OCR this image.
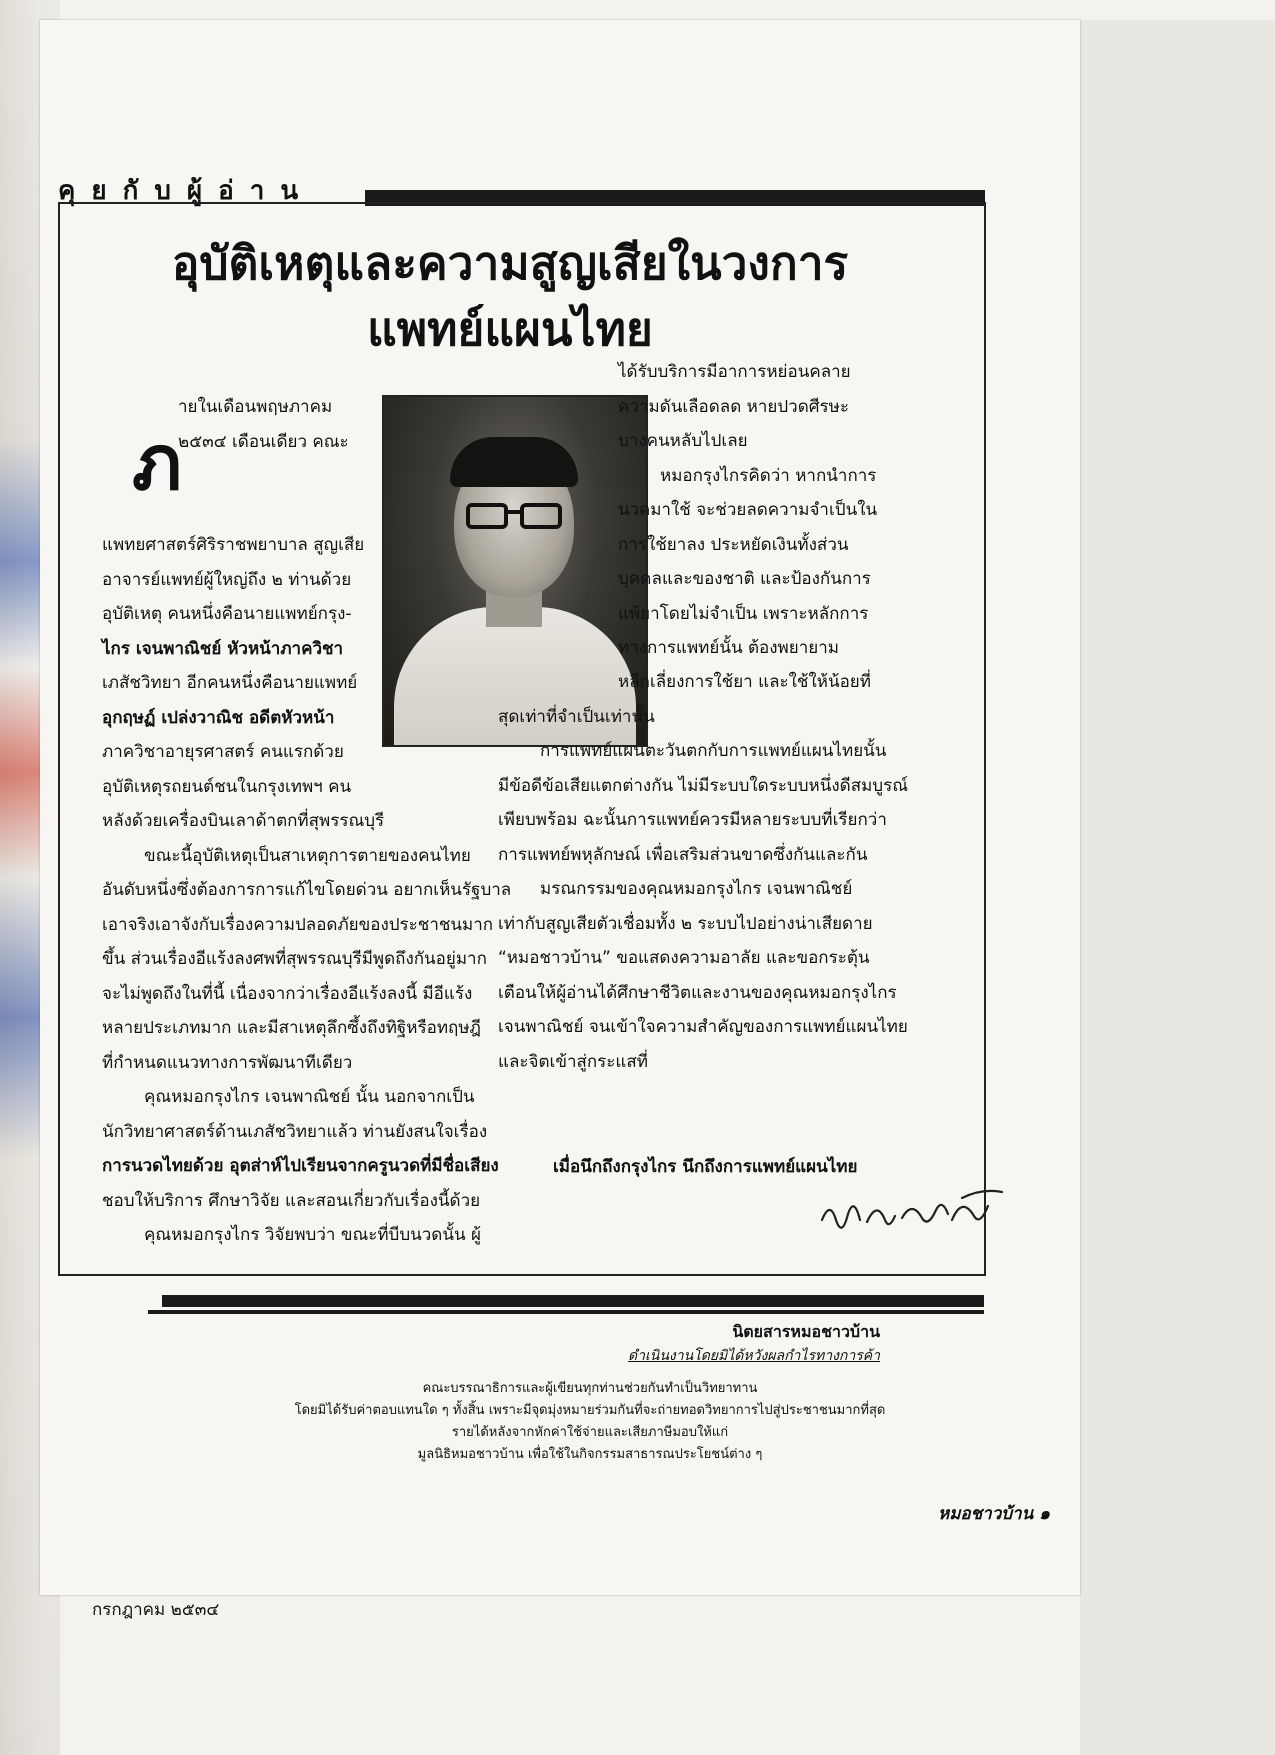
คุยกับผู้อ่าน
อุบัติเหตุและความสูญเสียในวงการ
แพทย์แผนไทย
ภ

ายในเดือนพฤษภาคม

๒๕๓๔ เดือนเดียว คณะ

แพทยศาสตร์ศิริราชพยาบาล สูญเสีย

อาจารย์แพทย์ผู้ใหญ่ถึง ๒ ท่านด้วย

อุบัติเหตุ คนหนึ่งคือนายแพทย์กรุง-

ไกร เจนพาณิชย์ หัวหน้าภาควิชา

เภสัชวิทยา อีกคนหนึ่งคือนายแพทย์

อุกฤษฏ์ เปล่งวาณิช อดีตหัวหน้า

ภาควิชาอายุรศาสตร์ คนแรกด้วย

อุบัติเหตุรถยนต์ชนในกรุงเทพฯ คน

หลังด้วยเครื่องบินเลาด้าตกที่สุพรรณบุรี

ขณะนี้อุบัติเหตุเป็นสาเหตุการตายของคนไทย

อันดับหนึ่งซึ่งต้องการการแก้ไขโดยด่วน อยากเห็นรัฐบาล

เอาจริงเอาจังกับเรื่องความปลอดภัยของประชาชนมาก

ขึ้น ส่วนเรื่องอีแร้งลงศพที่สุพรรณบุรีมีพูดถึงกันอยู่มาก

จะไม่พูดถึงในที่นี้ เนื่องจากว่าเรื่องอีแร้งลงนี้ มีอีแร้ง

หลายประเภทมาก และมีสาเหตุลึกซึ้งถึงทิฐิหรือทฤษฎี

ที่กำหนดแนวทางการพัฒนาทีเดียว

คุณหมอกรุงไกร เจนพาณิชย์ นั้น นอกจากเป็น

นักวิทยาศาสตร์ด้านเภสัชวิทยาแล้ว ท่านยังสนใจเรื่อง

การนวดไทยด้วย อุตส่าห์ไปเรียนจากครูนวดที่มีชื่อเสียง

ชอบให้บริการ ศึกษาวิจัย และสอนเกี่ยวกับเรื่องนี้ด้วย

คุณหมอกรุงไกร วิจัยพบว่า ขณะที่บีบนวดนั้น ผู้

ได้รับบริการมีอาการหย่อนคลาย

ความดันเลือดลด หายปวดศีรษะ

บางคนหลับไปเลย

หมอกรุงไกรคิดว่า หากนำการ

นวดมาใช้ จะช่วยลดความจำเป็นใน

การใช้ยาลง ประหยัดเงินทั้งส่วน

บุคคลและของชาติ และป้องกันการ

แพ้ยาโดยไม่จำเป็น เพราะหลักการ

ทางการแพทย์นั้น ต้องพยายาม

หลีกเลี่ยงการใช้ยา และใช้ให้น้อยที่

สุดเท่าที่จำเป็นเท่านั้น

การแพทย์แผนตะวันตกกับการแพทย์แผนไทยนั้น

มีข้อดีข้อเสียแตกต่างกัน ไม่มีระบบใดระบบหนึ่งดีสมบูรณ์

เพียบพร้อม ฉะนั้นการแพทย์ควรมีหลายระบบที่เรียกว่า

การแพทย์พหุลักษณ์ เพื่อเสริมส่วนขาดซึ่งกันและกัน

มรณกรรมของคุณหมอกรุงไกร เจนพาณิชย์

เท่ากับสูญเสียตัวเชื่อมทั้ง ๒ ระบบไปอย่างน่าเสียดาย

“หมอชาวบ้าน” ขอแสดงความอาลัย และขอกระตุ้น

เตือนให้ผู้อ่านได้ศึกษาชีวิตและงานของคุณหมอกรุงไกร

เจนพาณิชย์ จนเข้าใจความสำคัญของการแพทย์แผนไทย

และจิตเข้าสู่กระแสที่

เมื่อนึกถึงกรุงไกร นึกถึงการแพทย์แผนไทย
นิตยสารหมอชาวบ้าน
ดำเนินงานโดยมิได้หวังผลกำไรทางการค้า
คณะบรรณาธิการและผู้เขียนทุกท่านช่วยกันทำเป็นวิทยาทาน
โดยมิได้รับค่าตอบแทนใด ๆ ทั้งสิ้น เพราะมีจุดมุ่งหมายร่วมกันที่จะถ่ายทอดวิทยาการไปสู่ประชาชนมากที่สุด
รายได้หลังจากหักค่าใช้จ่ายและเสียภาษีมอบให้แก่
มูลนิธิหมอชาวบ้าน เพื่อใช้ในกิจกรรมสาธารณประโยชน์ต่าง ๆ
หมอชาวบ้าน ๑
กรกฎาคม ๒๕๓๔
